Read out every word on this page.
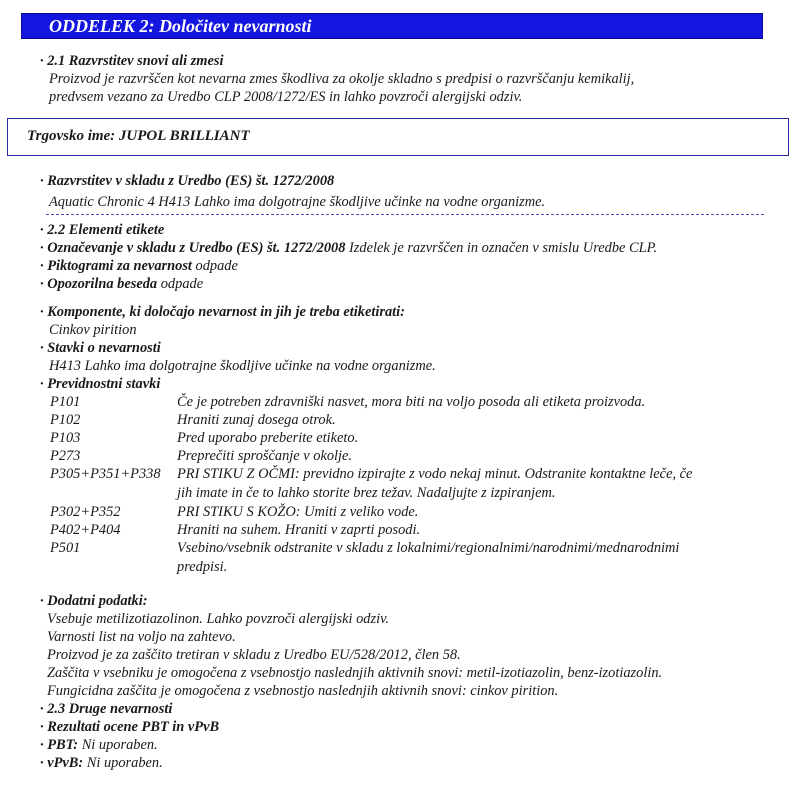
ODDELEK 2: Določitev nevarnosti
· 2.1 Razvrstitev snovi ali zmesi
Proizvod je razvrščen kot nevarna zmes škodliva za okolje skladno s predpisi o razvrščanju kemikalij,
predvsem vezano za Uredbo CLP 2008/1272/ES in lahko povzroči alergijski odziv.
Trgovsko ime: JUPOL BRILLIANT
· Razvrstitev v skladu z Uredbo (ES) št. 1272/2008
Aquatic Chronic 4 H413 Lahko ima dolgotrajne škodljive učinke na vodne organizme.
· 2.2 Elementi etikete
· Označevanje v skladu z Uredbo (ES) št. 1272/2008 Izdelek je razvrščen in označen v smislu Uredbe CLP.
· Piktogrami za nevarnost odpade
· Opozorilna beseda odpade
· Komponente, ki določajo nevarnost in jih je treba etiketirati:
Cinkov pirition
· Stavki o nevarnosti
H413 Lahko ima dolgotrajne škodljive učinke na vodne organizme.
· Previdnostni stavki
P101	Če je potreben zdravniški nasvet, mora biti na voljo posoda ali etiketa proizvoda.
P102	Hraniti zunaj dosega otrok.
P103	Pred uporabo preberite etiketo.
P273	Preprečiti sproščanje v okolje.
P305+P351+P338 PRI STIKU Z OČMI: previdno izpirajte z vodo nekaj minut. Odstranite kontaktne leče, če
jih imate in če to lahko storite brez težav. Nadaljujte z izpiranjem.
P302+P352	PRI STIKU S KOŽO: Umiti z veliko vode.
P402+P404	Hraniti na suhem. Hraniti v zaprti posodi.
P501	Vsebino/vsebnik odstranite v skladu z lokalnimi/regionalnimi/narodnimi/mednarodnimi
predpisi.
· Dodatni podatki:
Vsebuje metilizotiazolinon. Lahko povzroči alergijski odziv.
Varnosti list na voljo na zahtevo.
Proizvod je za zaščito tretiran v skladu z Uredbo EU/528/2012, člen 58.
Zaščita v vsebniku je omogočena z vsebnostjo naslednjih aktivnih snovi: metil-izotiazolin, benz-izotiazolin.
Fungicidna zaščita je omogočena z vsebnostjo naslednjih aktivnih snovi: cinkov pirition.
· 2.3 Druge nevarnosti
· Rezultati ocene PBT in vPvB
· PBT: Ni uporaben.
· vPvB: Ni uporaben.
